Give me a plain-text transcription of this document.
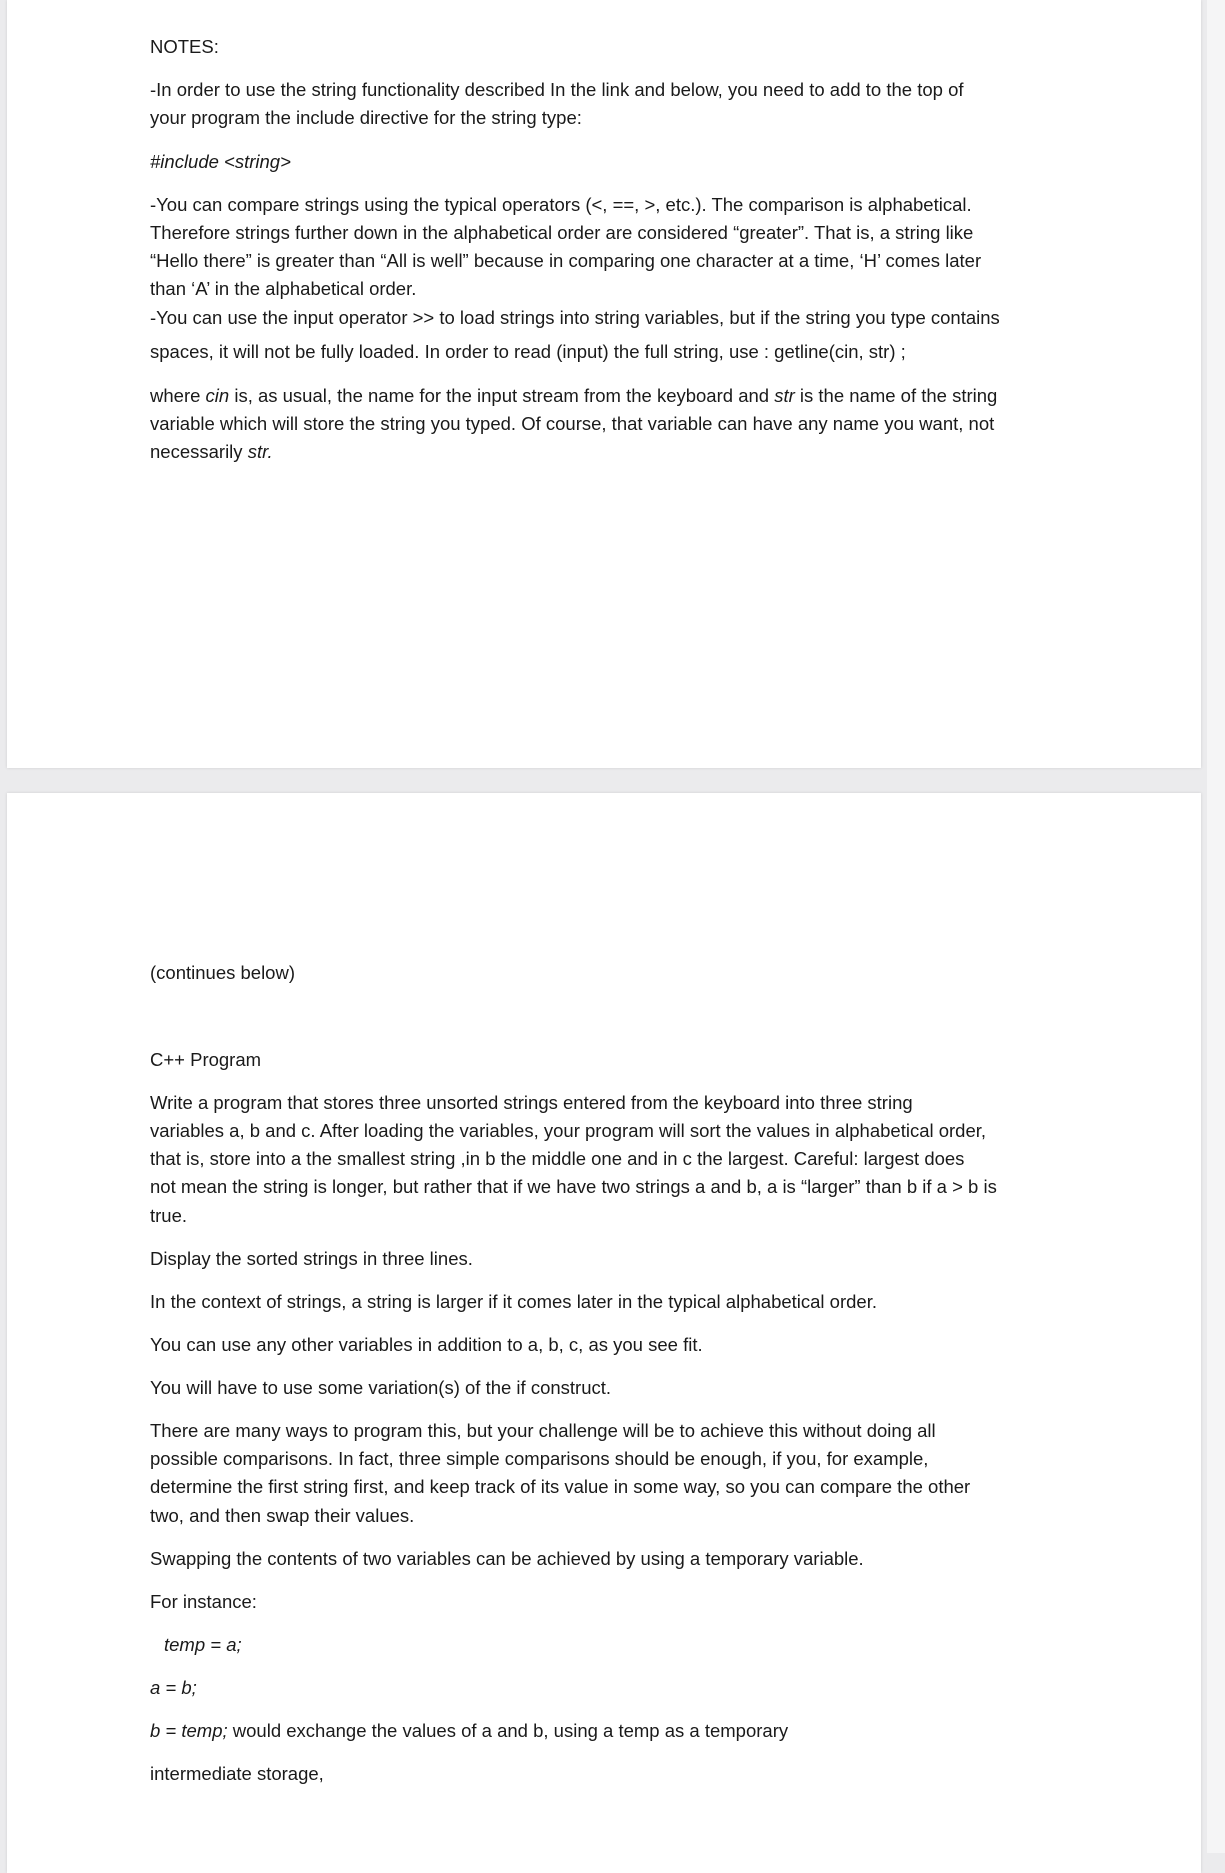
NOTES:

-In order to use the string functionality described In the link and below, you need to add to the top of

your program the include directive for the string type:

#include <string>

-You can compare strings using the typical operators (<, ==, >, etc.). The comparison is alphabetical.

Therefore strings further down in the alphabetical order are considered “greater”. That is, a string like

“Hello there” is greater than “All is well” because in comparing one character at a time, ‘H’ comes later

than ‘A’ in the alphabetical order.

-You can use the input operator >> to load strings into string variables, but if the string you type contains

spaces, it will not be fully loaded. In order to read (input) the full string, use : getline(cin, str) ;

where cin is, as usual, the name for the input stream from the keyboard and str is the name of the string

variable which will store the string you typed. Of course, that variable can have any name you want, not

necessarily str.

(continues below)

C++ Program

Write a program that stores three unsorted strings entered from the keyboard into three string

variables a, b and c. After loading the variables, your program will sort the values in alphabetical order,

that is, store into a the smallest string ,in b the middle one and in c the largest. Careful: largest does

not mean the string is longer, but rather that if we have two strings a and b, a is “larger” than b if a > b is

true.

Display the sorted strings in three lines.

In the context of strings, a string is larger if it comes later in the typical alphabetical order.

You can use any other variables in addition to a, b, c, as you see fit.

You will have to use some variation(s) of the if construct.

There are many ways to program this, but your challenge will be to achieve this without doing all

possible comparisons. In fact, three simple comparisons should be enough, if you, for example,

determine the first string first, and keep track of its value in some way, so you can compare the other

two, and then swap their values.

Swapping the contents of two variables can be achieved by using a temporary variable.

For instance:

temp = a;

a = b;

b = temp; would exchange the values of a and b, using a temp as a temporary

intermediate storage,
